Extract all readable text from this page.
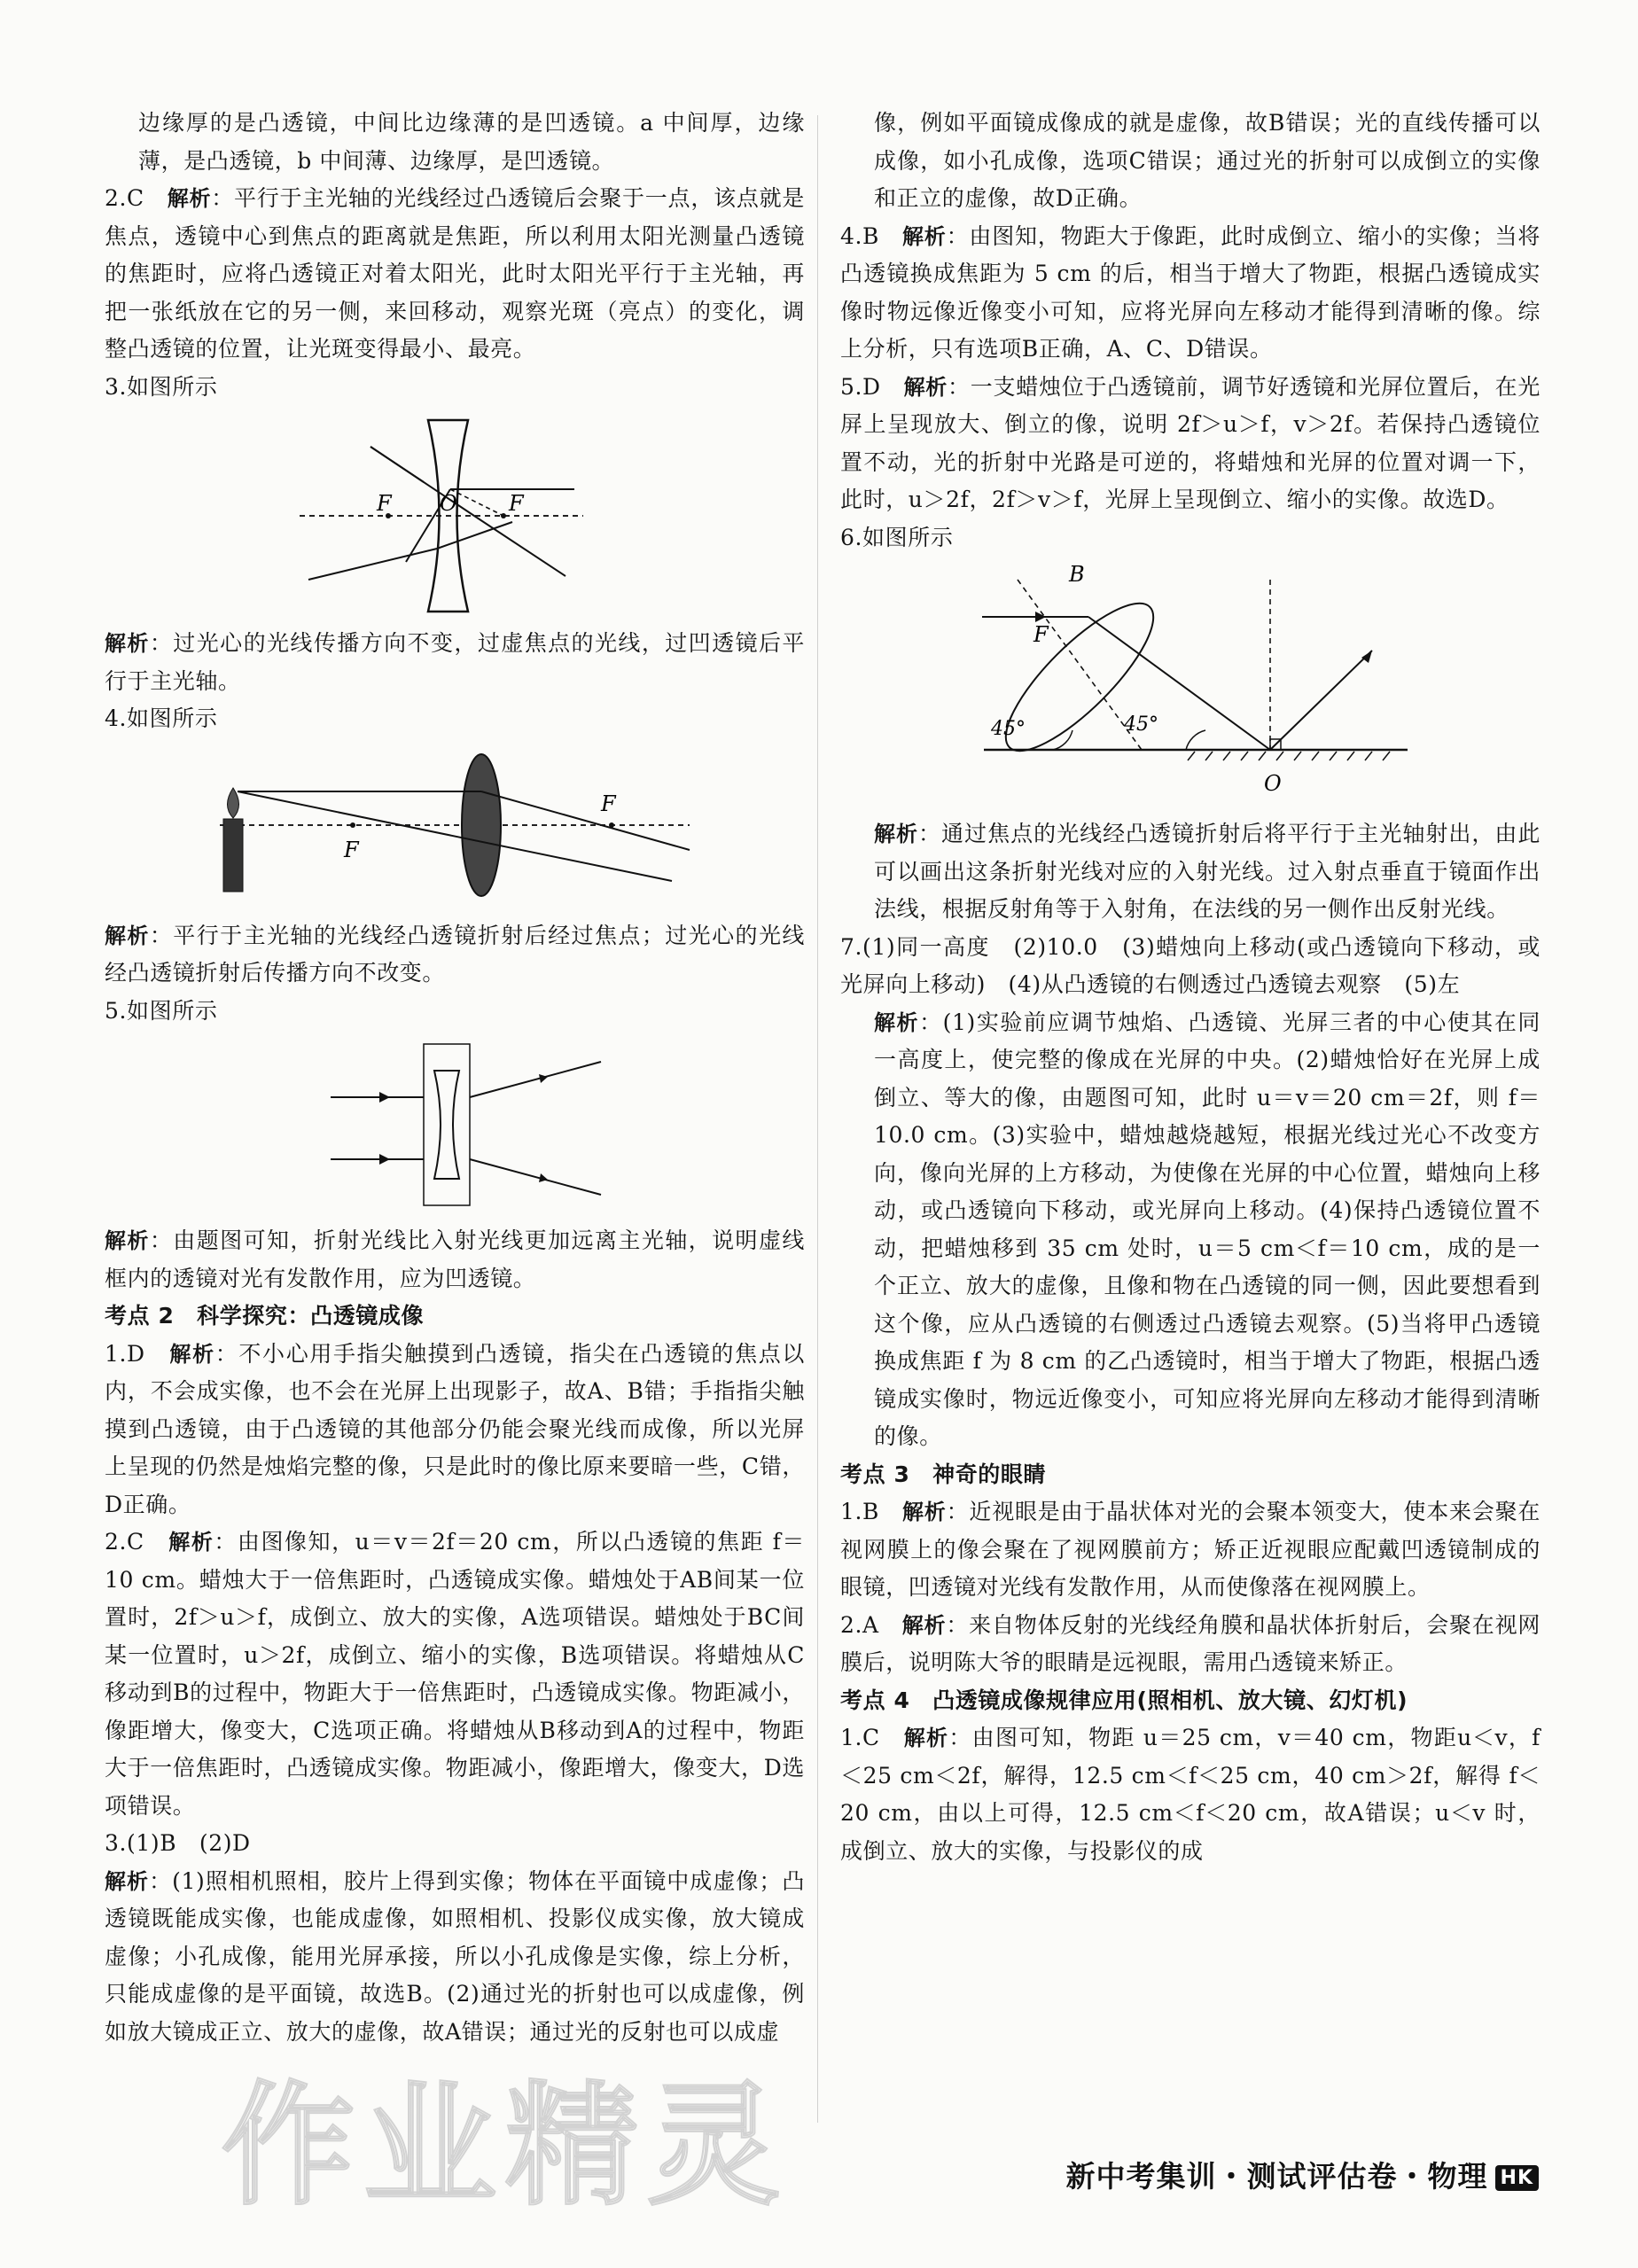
边缘厚的是凸透镜，中间比边缘薄的是凹透镜。a 中间厚，边缘薄，是凸透镜，b 中间薄、边缘厚，是凹透镜。

2.C　 解析：平行于主光轴的光线经过凸透镜后会聚于一点，该点就是焦点，透镜中心到焦点的距离就是焦距，所以利用太阳光测量凸透镜的焦距时，应将凸透镜正对着太阳光，此时太阳光平行于主光轴，再把一张纸放在它的另一侧，来回移动，观察光斑（亮点）的变化，调整凸透镜的位置，让光斑变得最小、最亮。

3.如图所示

F O F

解析：过光心的光线传播方向不变，过虚焦点的光线，过凹透镜后平行于主光轴。

4.如图所示

F
F

解析：平行于主光轴的光线经凸透镜折射后经过焦点；过光心的光线经凸透镜折射后传播方向不改变。

5.如图所示

解析：由题图可知，折射光线比入射光线更加远离主光轴，说明虚线框内的透镜对光有发散作用，应为凹透镜。

考点 2　科学探究：凸透镜成像

1.D　 解析：不小心用手指尖触摸到凸透镜，指尖在凸透镜的焦点以内，不会成实像，也不会在光屏上出现影子，故A、B错；手指指尖触摸到凸透镜，由于凸透镜的其他部分仍能会聚光线而成像，所以光屏上呈现的仍然是烛焰完整的像，只是此时的像比原来要暗一些，C错，D正确。

2.C　 解析：由图像知，u＝v＝2f＝20 cm，所以凸透镜的焦距 f＝10 cm。蜡烛大于一倍焦距时，凸透镜成实像。蜡烛处于AB间某一位置时，2f＞u＞f，成倒立、放大的实像，A选项错误。蜡烛处于BC间某一位置时，u＞2f，成倒立、缩小的实像，B选项错误。将蜡烛从C移动到B的过程中，物距大于一倍焦距时，凸透镜成实像。物距减小，像距增大，像变大，C选项正确。将蜡烛从B移动到A的过程中，物距大于一倍焦距时，凸透镜成实像。物距减小，像距增大，像变大，D选项错误。

3.(1)B　(2)D

解析：(1)照相机照相，胶片上得到实像；物体在平面镜中成虚像；凸透镜既能成实像，也能成虚像，如照相机、投影仪成实像，放大镜成虚像；小孔成像，能用光屏承接，所以小孔成像是实像，综上分析，只能成虚像的是平面镜，故选B。(2)通过光的折射也可以成虚像，例如放大镜成正立、放大的虚像，故A错误；通过光的反射也可以成虚

像，例如平面镜成像成的就是虚像，故B错误；光的直线传播可以成像，如小孔成像，选项C错误；通过光的折射可以成倒立的实像和正立的虚像，故D正确。

4.B　 解析：由图知，物距大于像距，此时成倒立、缩小的实像；当将凸透镜换成焦距为 5 cm 的后，相当于增大了物距，根据凸透镜成实像时物远像近像变小可知，应将光屏向左移动才能得到清晰的像。综上分析，只有选项B正确，A、C、D错误。

5.D　 解析：一支蜡烛位于凸透镜前，调节好透镜和光屏位置后，在光屏上呈现放大、倒立的像，说明 2f＞u＞f，v＞2f。若保持凸透镜位置不动，光的折射中光路是可逆的，将蜡烛和光屏的位置对调一下，此时，u＞2f，2f＞v＞f，光屏上呈现倒立、缩小的实像。故选D。

6.如图所示

45°	45°
B
F
O

解析：通过焦点的光线经凸透镜折射后将平行于主光轴射出，由此可以画出这条折射光线对应的入射光线。过入射点垂直于镜面作出法线，根据反射角等于入射角，在法线的另一侧作出反射光线。

7.(1)同一高度　(2)10.0　(3)蜡烛向上移动(或凸透镜向下移动，或光屏向上移动)　(4)从凸透镜的右侧透过凸透镜去观察　(5)左

解析：(1)实验前应调节烛焰、凸透镜、光屏三者的中心使其在同一高度上，使完整的像成在光屏的中央。(2)蜡烛恰好在光屏上成倒立、等大的像，由题图可知，此时 u＝v＝20 cm＝2f，则 f＝10.0 cm。(3)实验中，蜡烛越烧越短，根据光线过光心不改变方向，像向光屏的上方移动，为使像在光屏的中心位置，蜡烛向上移动，或凸透镜向下移动，或光屏向上移动。(4)保持凸透镜位置不动，把蜡烛移到 35 cm 处时，u＝5 cm＜f＝10 cm，成的是一个正立、放大的虚像，且像和物在凸透镜的同一侧，因此要想看到这个像，应从凸透镜的右侧透过凸透镜去观察。(5)当将甲凸透镜换成焦距 f 为 8 cm 的乙凸透镜时，相当于增大了物距，根据凸透镜成实像时，物远近像变小，可知应将光屏向左移动才能得到清晰的像。

考点 3　神奇的眼睛

1.B　 解析：近视眼是由于晶状体对光的会聚本领变大，使本来会聚在视网膜上的像会聚在了视网膜前方；矫正近视眼应配戴凹透镜制成的眼镜，凹透镜对光线有发散作用，从而使像落在视网膜上。

2.A　 解析：来自物体反射的光线经角膜和晶状体折射后，会聚在视网膜后，说明陈大爷的眼睛是远视眼，需用凸透镜来矫正。

考点 4　凸透镜成像规律应用(照相机、放大镜、幻灯机)

1.C　 解析：由图可知，物距 u＝25 cm，v＝40 cm，物距u＜v，f＜25 cm＜2f，解得，12.5 cm＜f＜25 cm，40 cm＞2f，解得 f＜20 cm，由以上可得，12.5 cm＜f＜20 cm，故A错误；u＜v 时，成倒立、放大的实像，与投影仪的成

作业精灵	新中考集训・测试评估卷・物理 HK
